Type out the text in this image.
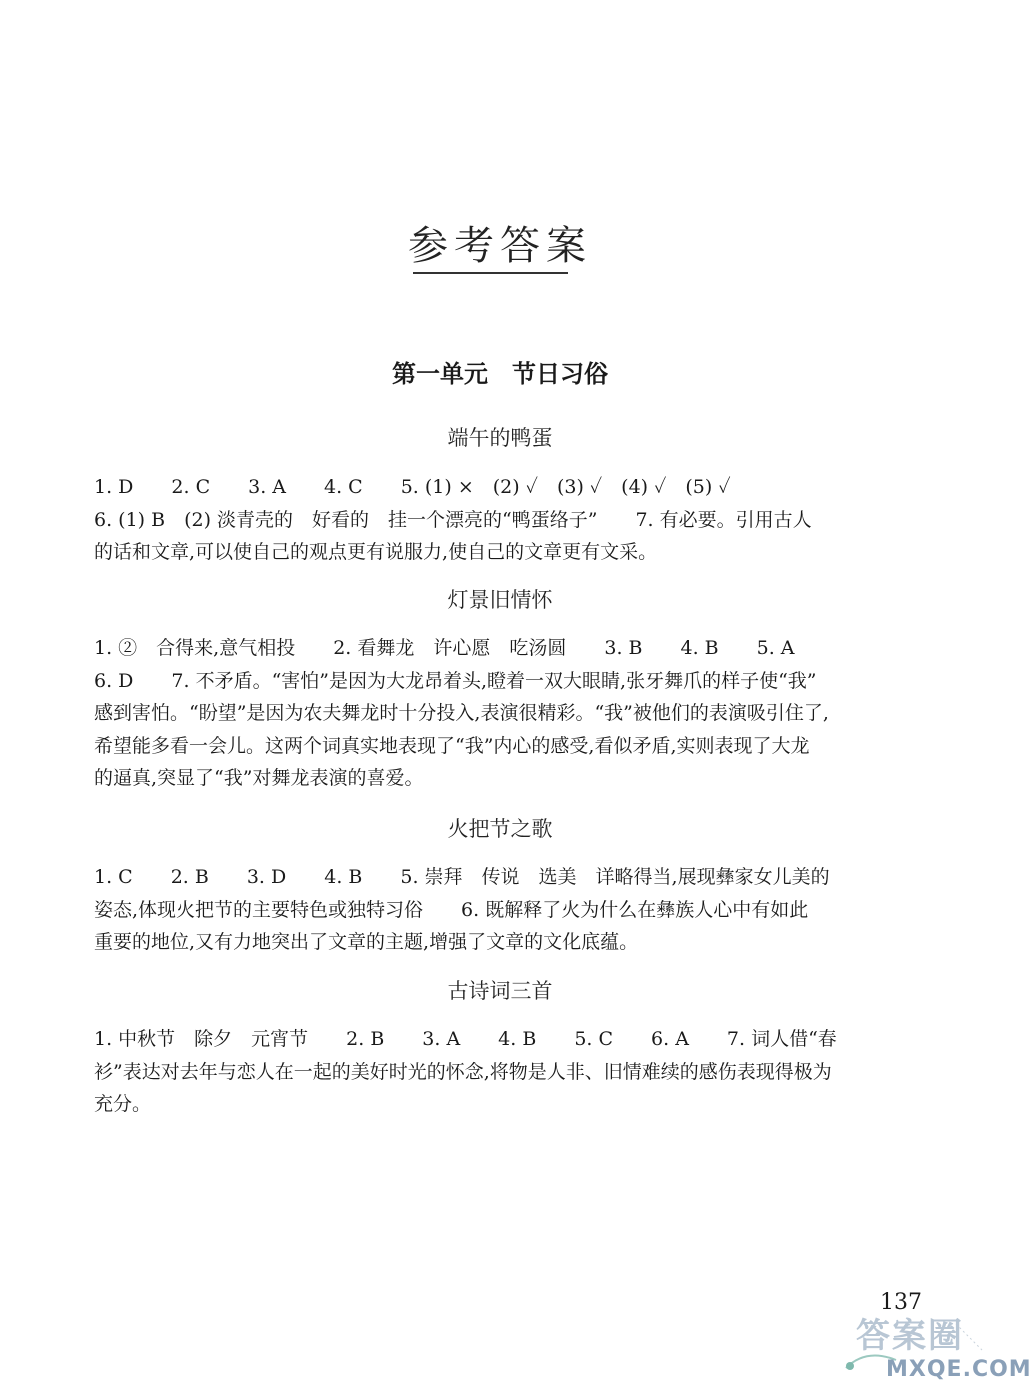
参考答案
第一单元　节日习俗
端午的鸭蛋

1. D　　2. C　　3. A　　4. C　　5. (1) ×　(2) ✓　(3) ✓　(4) ✓　(5) ✓

6. (1) B　(2) 淡青壳的　好看的　挂一个漂亮的“鸭蛋络子”　　7. 有必要。引用古人

的话和文章,可以使自己的观点更有说服力,使自己的文章更有文采。

灯景旧情怀

1. ②　合得来,意气相投　　2. 看舞龙　许心愿　吃汤圆　　3. B　　4. B　　5. A

6. D　　7. 不矛盾。“害怕”是因为大龙昂着头,瞪着一双大眼睛,张牙舞爪的样子使“我”

感到害怕。“盼望”是因为农夫舞龙时十分投入,表演很精彩。“我”被他们的表演吸引住了,

希望能多看一会儿。这两个词真实地表现了“我”内心的感受,看似矛盾,实则表现了大龙

的逼真,突显了“我”对舞龙表演的喜爱。

火把节之歌

1. C　　2. B　　3. D　　4. B　　5. 崇拜　传说　选美　详略得当,展现彝家女儿美的

姿态,体现火把节的主要特色或独特习俗　　6. 既解释了火为什么在彝族人心中有如此

重要的地位,又有力地突出了文章的主题,增强了文章的文化底蕴。

古诗词三首

1. 中秋节　除夕　元宵节　　2. B　　3. A　　4. B　　5. C　　6. A　　7. 词人借“春

衫”表达对去年与恋人在一起的美好时光的怀念,将物是人非、旧情难续的感伤表现得极为

充分。

137
答案圈
MXQE.COM
